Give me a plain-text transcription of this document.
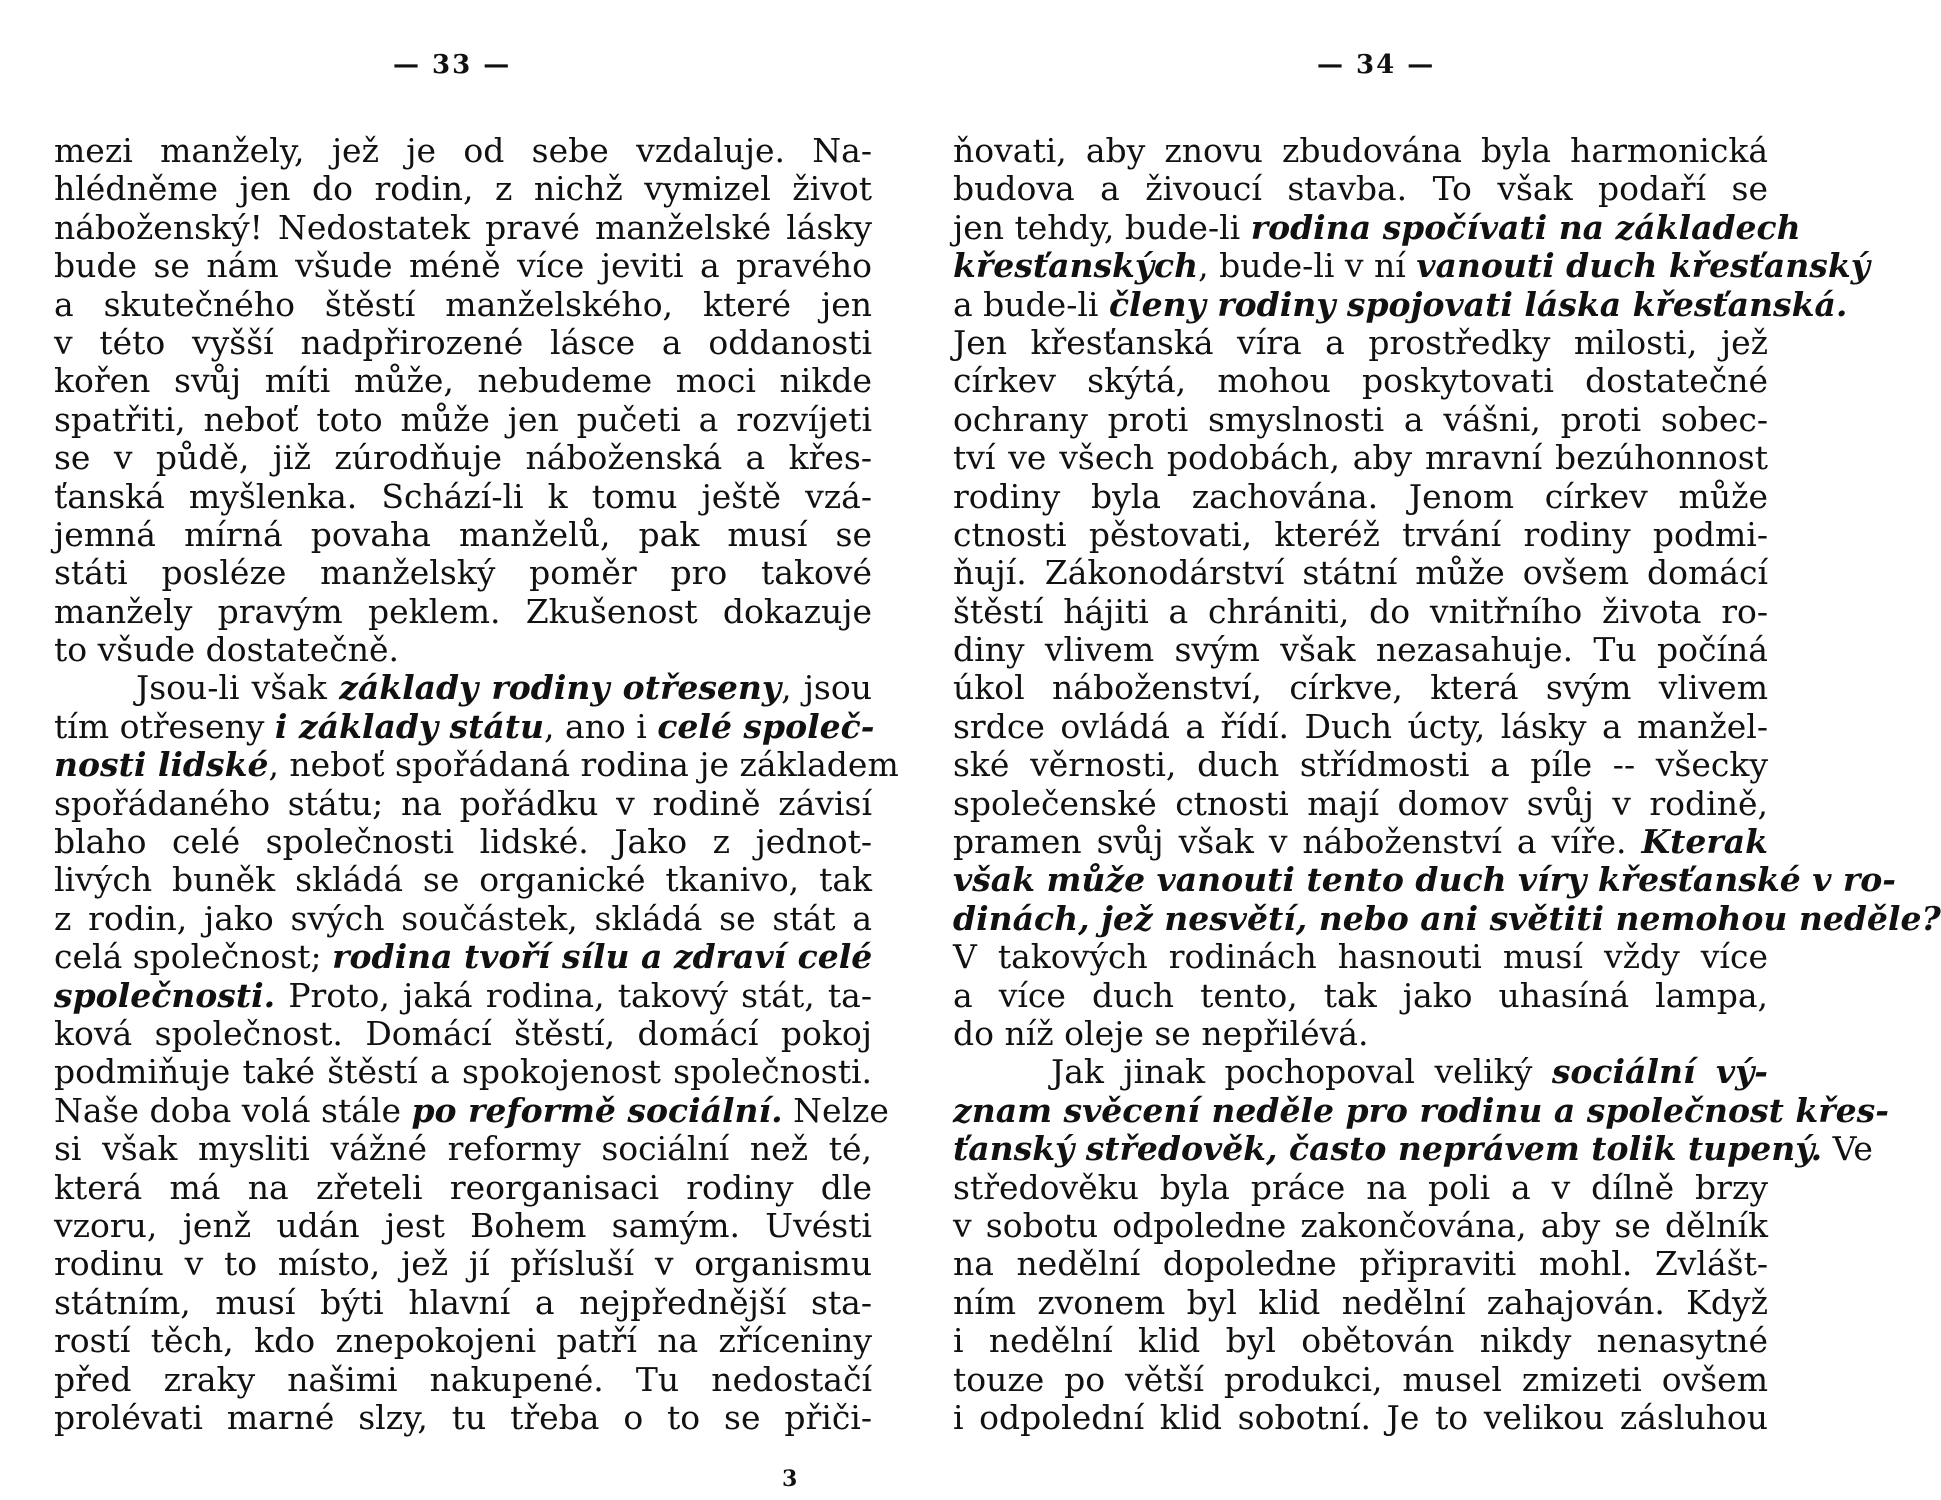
— 33 —
mezi manžely, jež je od sebe vzdaluje. Na-
hlédněme jen do rodin, z nichž vymizel život
náboženský! Nedostatek pravé manželské lásky
bude se nám všude méně více jeviti a pravého
a skutečného štěstí manželského, které jen
v této vyšší nadpřirozené lásce a oddanosti
kořen svůj míti může, nebudeme moci nikde
spatřiti, neboť toto může jen pučeti a rozvíjeti
se v půdě, již zúrodňuje náboženská a křes-
ťanská myšlenka. Schází-li k tomu ještě vzá-
jemná mírná povaha manželů, pak musí se
státi posléze manželský poměr pro takové
manžely pravým peklem. Zkušenost dokazuje
to všude dostatečně.
Jsou-li však základy rodiny otřeseny, jsou
tím otřeseny i základy státu, ano i celé společ-
nosti lidské, neboť spořádaná rodina je základem
spořádaného státu; na pořádku v rodině závisí
blaho celé společnosti lidské. Jako z jednot-
livých buněk skládá se organické tkanivo, tak
z rodin, jako svých součástek, skládá se stát a
celá společnost; rodina tvoří sílu a zdraví celé
společnosti. Proto, jaká rodina, takový stát, ta-
ková společnost. Domácí štěstí, domácí pokoj
podmiňuje také štěstí a spokojenost společnosti.
Naše doba volá stále po reformě sociální. Nelze
si však mysliti vážné reformy sociální než té,
která má na zřeteli reorganisaci rodiny dle
vzoru, jenž udán jest Bohem samým. Uvésti
rodinu v to místo, jež jí přísluší v organismu
státním, musí býti hlavní a nejpřednější sta-
rostí těch, kdo znepokojeni patří na zříceniny
před zraky našimi nakupené. Tu nedostačí
prolévati marné slzy, tu třeba o to se přiči-
3
— 34 —
ňovati, aby znovu zbudována byla harmonická
budova a živoucí stavba. To však podaří se
jen tehdy, bude-li rodina spočívati na základech
křesťanských, bude-li v ní vanouti duch křesťanský
a bude-li členy rodiny spojovati láska křesťanská.
Jen křesťanská víra a prostředky milosti, jež
církev skýtá, mohou poskytovati dostatečné
ochrany proti smyslnosti a vášni, proti sobec-
tví ve všech podobách, aby mravní bezúhonnost
rodiny byla zachována. Jenom církev může
ctnosti pěstovati, kteréž trvání rodiny podmi-
ňují. Zákonodárství státní může ovšem domácí
štěstí hájiti a chrániti, do vnitřního života ro-
diny vlivem svým však nezasahuje. Tu počíná
úkol náboženství, církve, která svým vlivem
srdce ovládá a řídí. Duch úcty, lásky a manžel-
ské věrnosti, duch střídmosti a píle -- všecky
společenské ctnosti mají domov svůj v rodině,
pramen svůj však v náboženství a víře. Kterak
však může vanouti tento duch víry křesťanské v ro-
dinách, jež nesvětí, nebo ani světiti nemohou neděle?
V takových rodinách hasnouti musí vždy více
a více duch tento, tak jako uhasíná lampa,
do níž oleje se nepřilévá.
Jak jinak pochopoval veliký sociální vý-
znam svěcení neděle pro rodinu a společnost křes-
ťanský středověk, často neprávem tolik tupený. Ve
středověku byla práce na poli a v dílně brzy
v sobotu odpoledne zakončována, aby se dělník
na nedělní dopoledne připraviti mohl. Zvlášt-
ním zvonem byl klid nedělní zahajován. Když
i nedělní klid byl obětován nikdy nenasytné
touze po větší produkci, musel zmizeti ovšem
i odpolední klid sobotní. Je to velikou zásluhou
